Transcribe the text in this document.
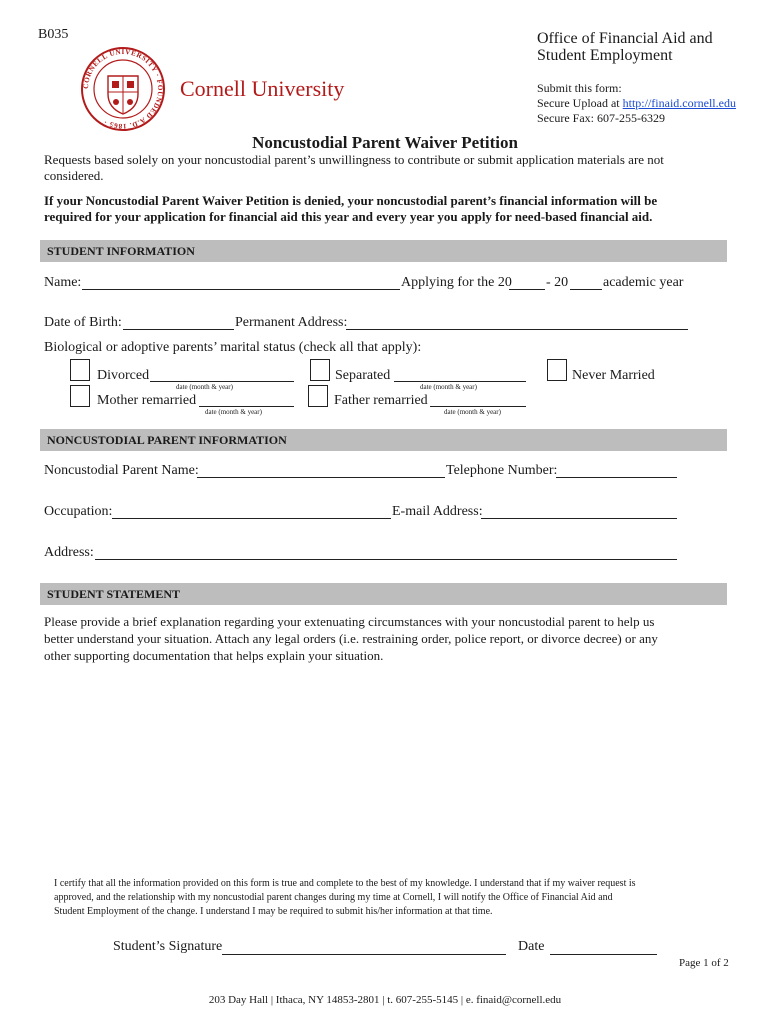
B035
CORNELL UNIVERSITY · FOUNDED A.D. 1865 ·
Cornell University
Office of Financial Aid and
Student Employment
Submit this form:
Secure Upload at http://finaid.cornell.edu
Secure Fax: 607-255-6329
Noncustodial Parent Waiver Petition
Requests based solely on your noncustodial parent’s unwillingness to contribute or submit application materials are not
considered.
If your Noncustodial Parent Waiver Petition is denied, your noncustodial parent’s financial information will be
required for your application for financial aid this year and every year you apply for need-based financial aid.
STUDENT INFORMATION
Name:	Applying for the 20 - 20 academic year
Date of Birth:	Permanent Address:
Biological or adoptive parents’ marital status (check all that apply):
Divorced
date (month & year)
Separated
date (month & year)
Never Married
Mother remarried
date (month & year)
Father remarried
date (month & year)
NONCUSTODIAL PARENT INFORMATION
Noncustodial Parent Name:	Telephone Number:
Occupation:	E-mail Address:
Address:
STUDENT STATEMENT
Please provide a brief explanation regarding your extenuating circumstances with your noncustodial parent to help us
better understand your situation. Attach any legal orders (i.e. restraining order, police report, or divorce decree) or any
other supporting documentation that helps explain your situation.
I certify that all the information provided on this form is true and complete to the best of my knowledge. I understand that if my waiver request is
approved, and the relationship with my noncustodial parent changes during my time at Cornell, I will notify the Office of Financial Aid and
Student Employment of the change. I understand I may be required to submit his/her information at that time.
Student’s Signature	Date
Page 1 of 2
203 Day Hall | Ithaca, NY 14853-2801 | t. 607-255-5145 | e. finaid@cornell.edu
